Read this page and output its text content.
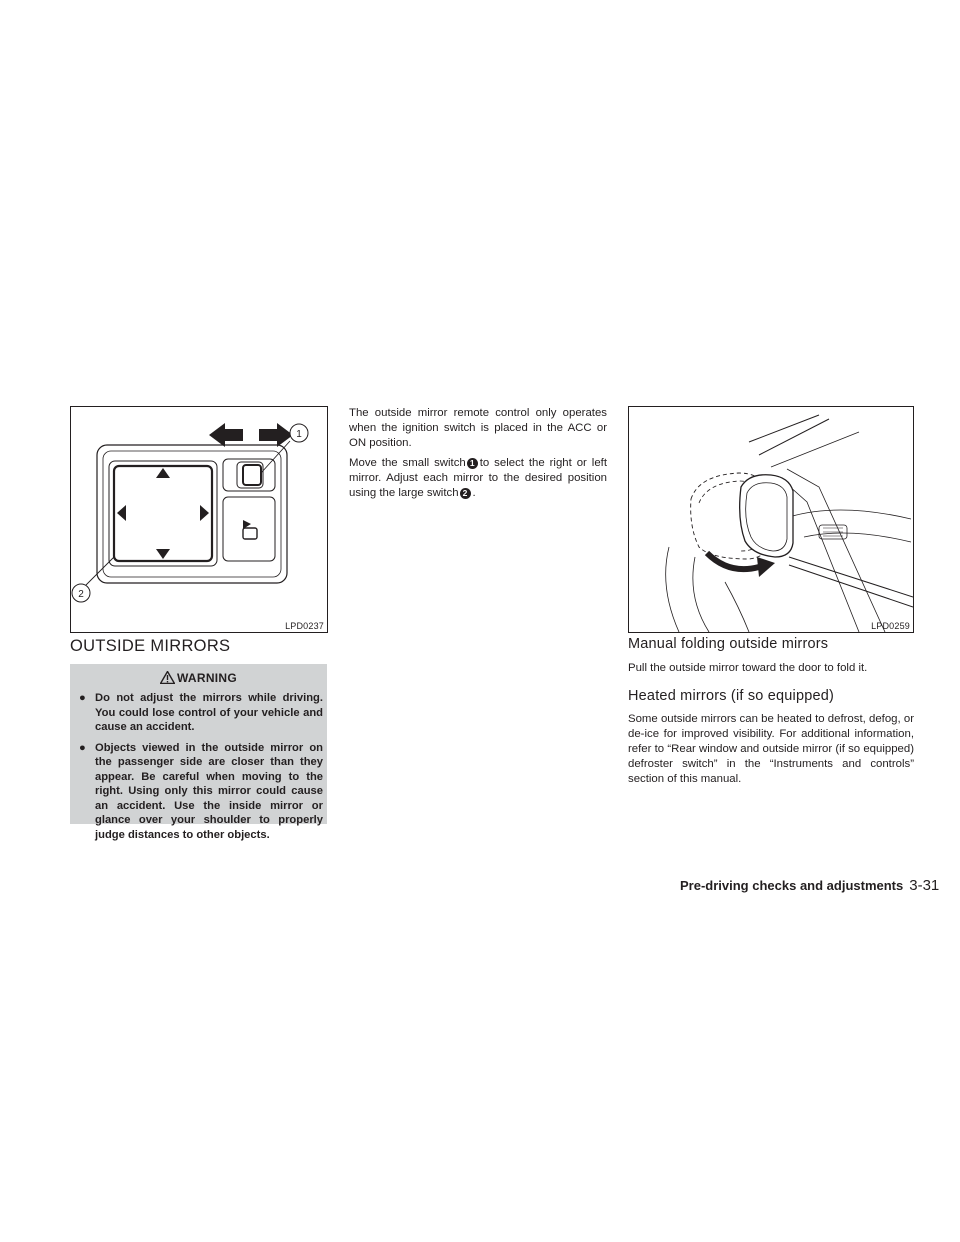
1
2
LPD0237
OUTSIDE MIRRORS
WARNING
● Do not adjust the mirrors while driving. You could lose control of your vehicle and cause an accident.
● Objects viewed in the outside mirror on the passenger side are closer than they appear. Be careful when moving to the right. Using only this mirror could cause an accident. Use the inside mirror or glance over your shoulder to properly judge distances to other objects.

The outside mirror remote control only operates when the ignition switch is placed in the ACC or ON position.

Move the small switch 1 to select the right or left mirror. Adjust each mirror to the desired position using the large switch 2 .

LPD0259
Manual folding outside mirrors

Pull the outside mirror toward the door to fold it.

Heated mirrors (if so equipped)

Some outside mirrors can be heated to defrost, defog, or de-ice for improved visibility. For additional information, refer to “Rear window and outside mirror (if so equipped) defroster switch” in the “Instruments and controls” section of this manual.

Pre-driving checks and adjustments 3-31
